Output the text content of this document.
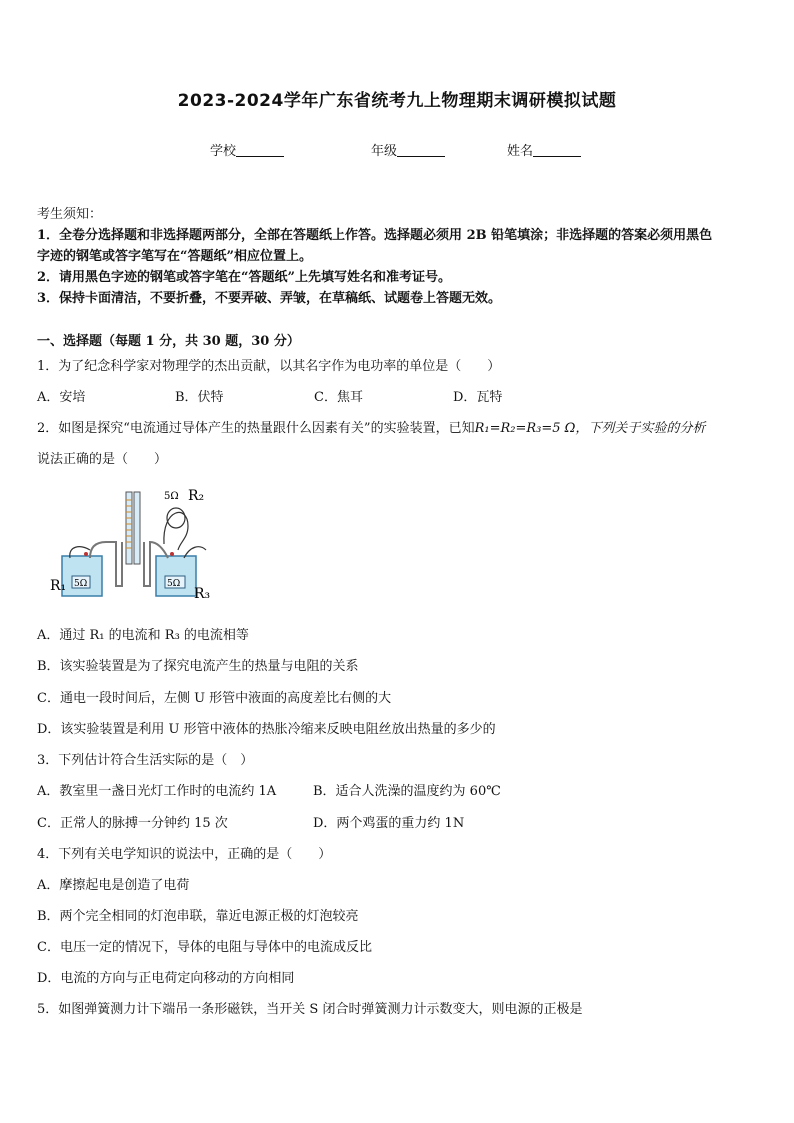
2023-2024学年广东省统考九上物理期末调研模拟试题
学校	年级	姓名
考生须知：
1．全卷分选择题和非选择题两部分，全部在答题纸上作答。选择题必须用 2B 铅笔填涂；非选择题的答案必须用黑色
字迹的钢笔或答字笔写在“答题纸”相应位置上。
2．请用黑色字迹的钢笔或答字笔在“答题纸”上先填写姓名和准考证号。
3．保持卡面清洁，不要折叠，不要弄破、弄皱，在草稿纸、试题卷上答题无效。
一、选择题（每题 1 分，共 30 题，30 分）
1．为了纪念科学家对物理学的杰出贡献，以其名字作为电功率的单位是（　　）
A．安培	B．伏特	C．焦耳	D．瓦特
2．如图是探究“电流通过导体产生的热量跟什么因素有关”的实验装置，已知R₁=R₂=R₃=5 Ω，下列关于实验的分析
说法正确的是（　　）
R₁	R₃
R₂
5Ω
5Ω	5Ω
A．通过 R₁ 的电流和 R₃ 的电流相等
B．该实验装置是为了探究电流产生的热量与电阻的关系
C．通电一段时间后，左侧 U 形管中液面的高度差比右侧的大
D．该实验装置是利用 U 形管中液体的热胀冷缩来反映电阻丝放出热量的多少的
3．下列估计符合生活实际的是（　）
A．教室里一盏日光灯工作时的电流约 1A	B．适合人洗澡的温度约为 60℃
C．正常人的脉搏一分钟约 15 次	D．两个鸡蛋的重力约 1N
4．下列有关电学知识的说法中，正确的是（　　）
A．摩擦起电是创造了电荷
B．两个完全相同的灯泡串联，靠近电源正极的灯泡较亮
C．电压一定的情况下，导体的电阻与导体中的电流成反比
D．电流的方向与正电荷定向移动的方向相同
5．如图弹簧测力计下端吊一条形磁铁，当开关 S 闭合时弹簧测力计示数变大，则电源的正极是
